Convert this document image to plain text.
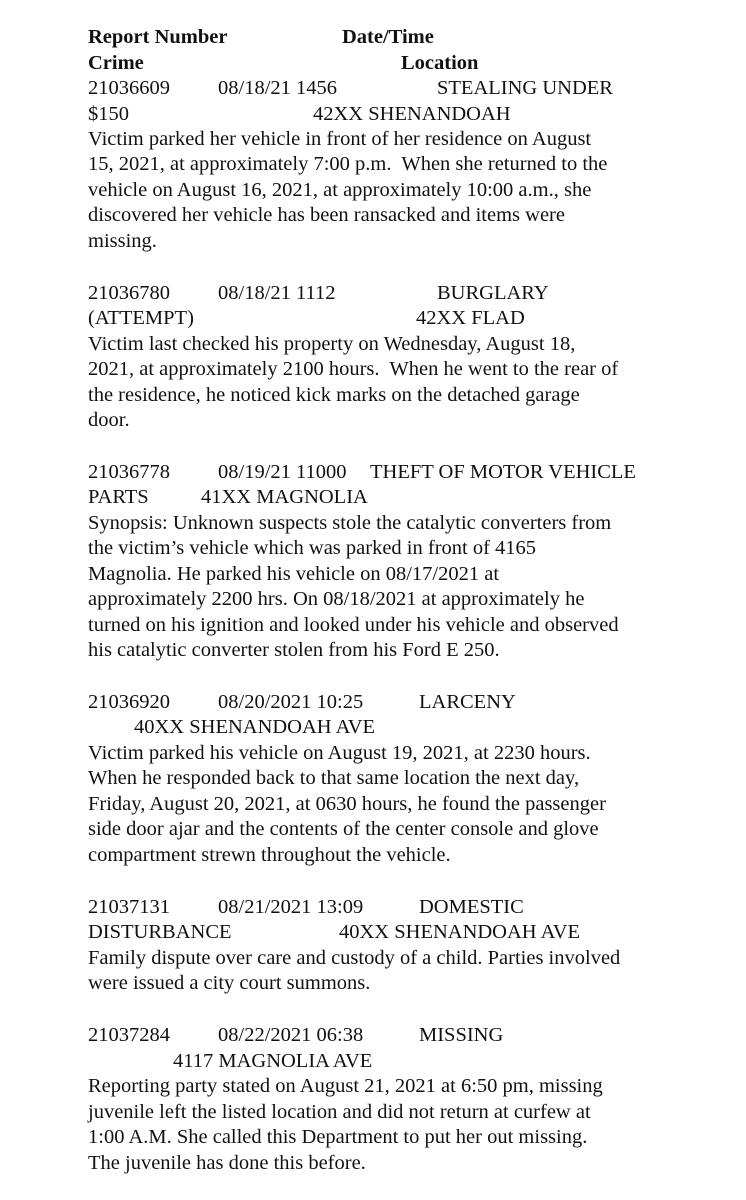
Report Number	Date/Time
Crime	Location
21036609 08/18/21 1456	STEALING UNDER
$150	42XX SHENANDOAH
Victim parked her vehicle in front of her residence on August
15, 2021, at approximately 7:00 p.m.  When she returned to the
vehicle on August 16, 2021, at approximately 10:00 a.m., she
discovered her vehicle has been ransacked and items were
missing.
21036780 08/18/21 1112	BURGLARY
(ATTEMPT)	42XX FLAD
Victim last checked his property on Wednesday, August 18,
2021, at approximately 2100 hours.  When he went to the rear of
the residence, he noticed kick marks on the detached garage
door.
21036778 08/19/21 11000 THEFT OF MOTOR VEHICLE
PARTS	41XX MAGNOLIA
Synopsis: Unknown suspects stole the catalytic converters from
the victim’s vehicle which was parked in front of 4165
Magnolia. He parked his vehicle on 08/17/2021 at
approximately 2200 hrs. On 08/18/2021 at approximately he
turned on his ignition and looked under his vehicle and observed
his catalytic converter stolen from his Ford E 250.
21036920 08/20/2021 10:25	LARCENY
40XX SHENANDOAH AVE
Victim parked his vehicle on August 19, 2021, at 2230 hours.
When he responded back to that same location the next day,
Friday, August 20, 2021, at 0630 hours, he found the passenger
side door ajar and the contents of the center console and glove
compartment strewn throughout the vehicle.
21037131 08/21/2021 13:09	DOMESTIC
DISTURBANCE	40XX SHENANDOAH AVE
Family dispute over care and custody of a child. Parties involved
were issued a city court summons.
21037284 08/22/2021 06:38	MISSING
4117 MAGNOLIA AVE
Reporting party stated on August 21, 2021 at 6:50 pm, missing
juvenile left the listed location and did not return at curfew at
1:00 A.M. She called this Department to put her out missing.
The juvenile has done this before.
